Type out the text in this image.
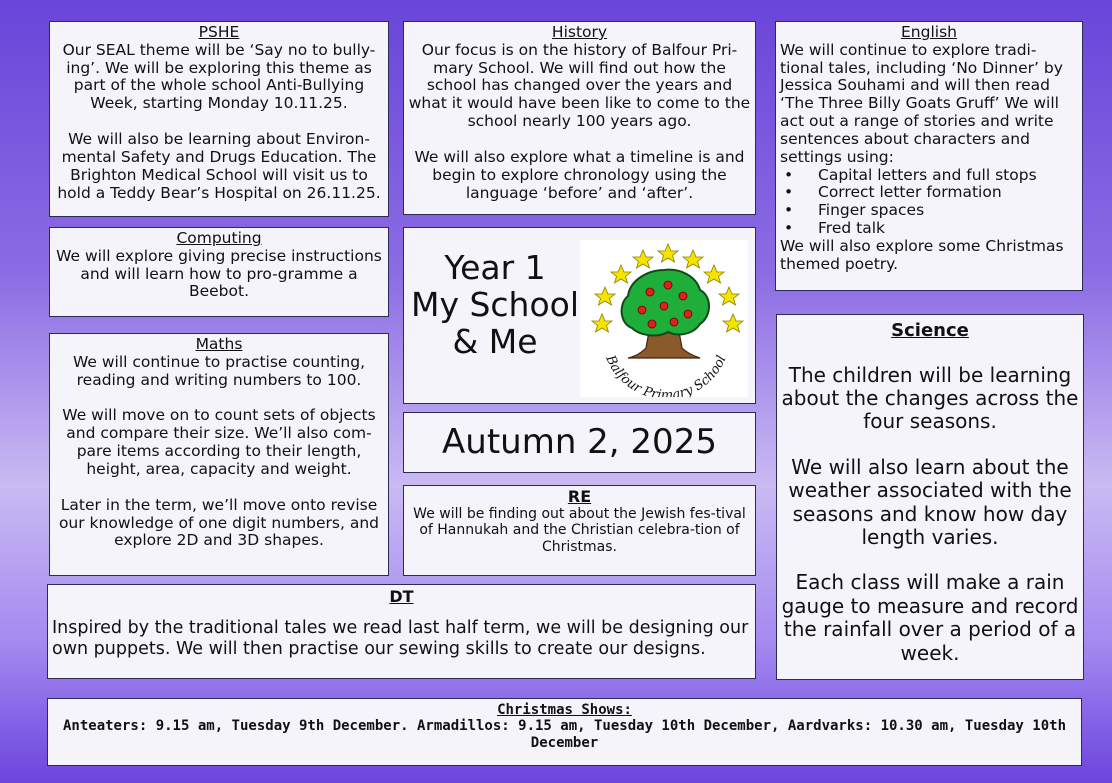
PSHE

Our SEAL theme will be ‘Say no to bully-ing’. We will be exploring this theme as part of the whole school Anti-Bullying Week, starting Monday 10.11.25.

We will also be learning about Environ-mental Safety and Drugs Education. The Brighton Medical School will visit us to hold a Teddy Bear’s Hospital on 26.11.25.

History

Our focus is on the history of Balfour Pri-mary School. We will find out how the school has changed over the years and what it would have been like to come to the school nearly 100 years ago.

We will also explore what a timeline is and begin to explore chronology using the language ‘before’ and ‘after’.

English

We will continue to explore tradi-tional tales, including ‘No Dinner’ by Jessica Souhami and will then read ‘The Three Billy Goats Gruff’ We will act out a range of stories and write sentences about characters and settings using:

• Capital letters and full stops
• Correct letter formation
• Finger spaces
• Fred talk

We will also explore some Christmas themed poetry.

Computing

We will explore giving precise instructions and will learn how to pro-gramme a Beebot.

Maths

We will continue to practise counting, reading and writing numbers to 100.

We will move on to count sets of objects and compare their size. We’ll also com-pare items according to their length, height, area, capacity and weight.

Later in the term, we’ll move onto revise our knowledge of one digit numbers, and explore 2D and 3D shapes.

Year 1
My School
& Me	Balfour Primary School
Autumn 2, 2025
RE

We will be finding out about the Jewish fes-tival of Hannukah and the Christian celebra-tion of Christmas.

Science

The children will be learning about the changes across the four seasons.

We will also learn about the weather associated with the seasons and know how day length varies.

Each class will make a rain gauge to measure and record the rainfall over a period of a week.

DT

Inspired by the traditional tales we read last half term, we will be designing our own puppets. We will then practise our sewing skills to create our designs.

Christmas Shows:

Anteaters: 9.15 am, Tuesday 9th December. Armadillos: 9.15 am, Tuesday 10th December, Aardvarks: 10.30 am, Tuesday 10th December
